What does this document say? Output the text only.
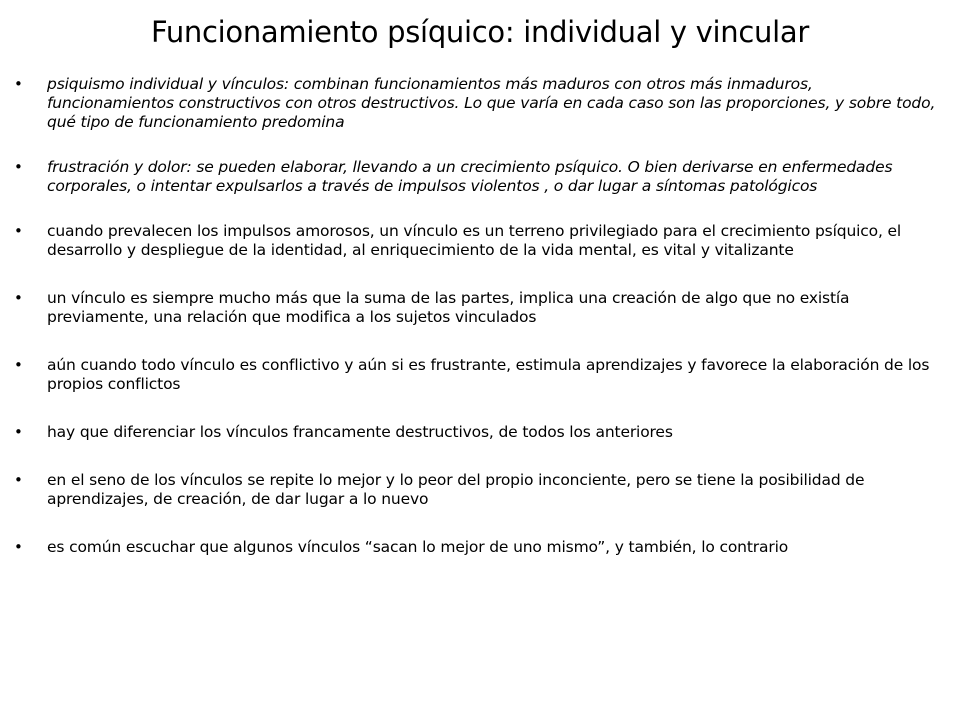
Funcionamiento psíquico: individual y vincular
• psiquismo individual y vínculos: combinan funcionamientos más maduros con otros más inmaduros, funcionamientos constructivos con otros destructivos. Lo que varía en cada caso son las proporciones, y sobre todo, qué tipo de funcionamiento predomina
• frustración y dolor: se pueden elaborar, llevando a un crecimiento psíquico. O bien derivarse en enfermedades corporales, o intentar expulsarlos a través de impulsos violentos , o dar lugar a síntomas patológicos
• cuando prevalecen los impulsos amorosos, un vínculo es un terreno privilegiado para el crecimiento psíquico, el desarrollo y despliegue de la identidad, al enriquecimiento de la vida mental, es vital y vitalizante
• un vínculo es siempre mucho más que la suma de las partes, implica una creación de algo que no existía previamente, una relación que modifica a los sujetos vinculados
• aún cuando todo vínculo es conflictivo y aún si es frustrante, estimula aprendizajes y favorece la elaboración de los propios conflictos
• hay que diferenciar los vínculos francamente destructivos, de todos los anteriores
• en el seno de los vínculos se repite lo mejor y lo peor del propio inconciente, pero se tiene la posibilidad de aprendizajes, de creación, de dar lugar a lo nuevo
• es común escuchar que algunos vínculos “sacan lo mejor de uno mismo”, y también, lo contrario
